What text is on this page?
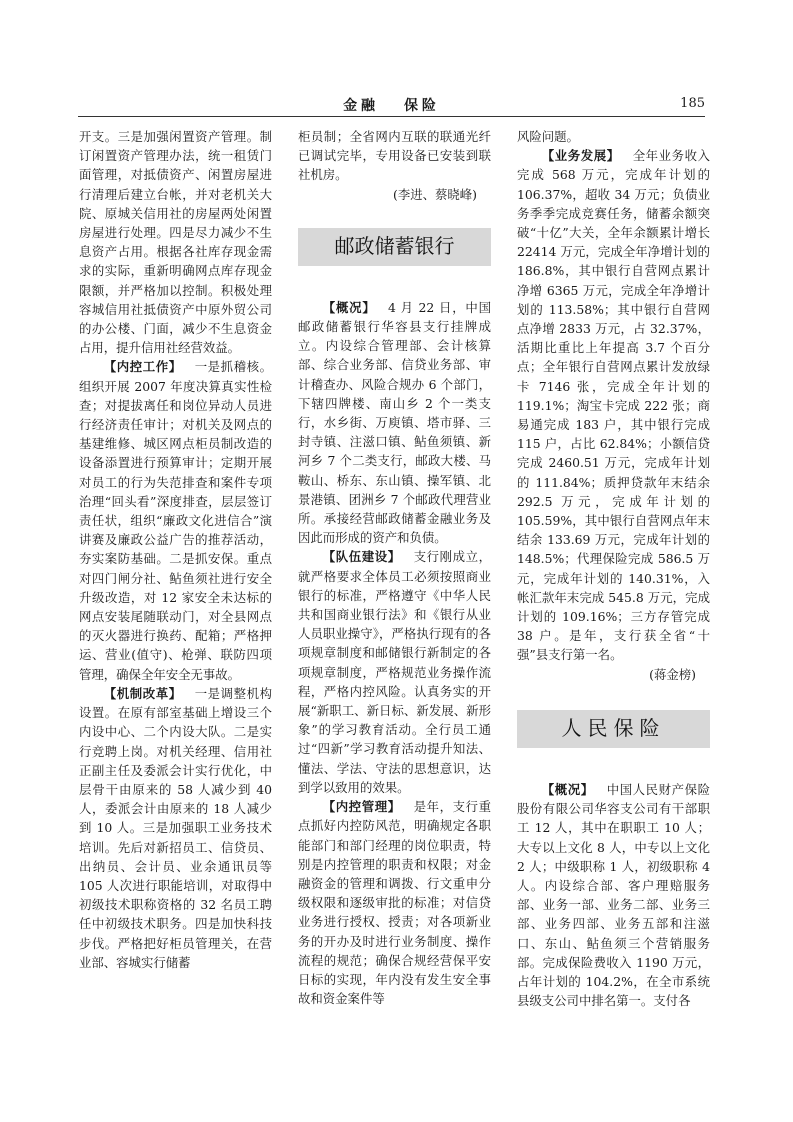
金融 保险	185

开支。三是加强闲置资产管理。制订闲置资产管理办法，统一租赁门面管理，对抵债资产、闲置房屋进行清理后建立台帐，并对老机关大院、原城关信用社的房屋两处闲置房屋进行处理。四是尽力减少不生息资产占用。根据各社库存现金需求的实际，重新明确网点库存现金限额，并严格加以控制。积极处理容城信用社抵债资产中原外贸公司的办公楼、门面，减少不生息资金占用，提升信用社经营效益。

【内控工作】  一是抓稽核。组织开展 2007 年度决算真实性检查；对提拔离任和岗位异动人员进行经济责任审计；对机关及网点的基建维修、城区网点柜员制改造的设备添置进行预算审计；定期开展对员工的行为失范排查和案件专项治理“回头看”深度排查，层层签订责任状，组织“廉政文化进信合”演讲赛及廉政公益广告的推荐活动，夯实案防基础。二是抓安保。重点对四门闸分社、鲇鱼须社进行安全升级改造，对 12 家安全未达标的网点安装尾随联动门，对全县网点的灭火器进行换药、配箱；严格押运、营业(值守)、枪弹、联防四项管理，确保全年安全无事故。

【机制改革】  一是调整机构设置。在原有部室基础上增设三个内设中心、二个内设大队。二是实行竞聘上岗。对机关经理、信用社正副主任及委派会计实行优化，中层骨干由原来的 58 人减少到 40 人，委派会计由原来的 18 人减少到 10 人。三是加强职工业务技术培训。先后对新招员工、信贷员、出纳员、会计员、业余通讯员等 105 人次进行职能培训，对取得中初级技术职称资格的 32 名员工聘任中初级技术职务。四是加快科技步伐。严格把好柜员管理关，在营业部、容城实行储蓄

柜员制；全省网内互联的联通光纤已调试完毕，专用设备已安装到联社机房。

(李进、蔡晓峰)

邮政储蓄银行

【概况】  4 月 22 日，中国邮政储蓄银行华容县支行挂牌成立。内设综合管理部、会计核算部、综合业务部、信贷业务部、审计稽查办、风险合规办 6 个部门，下辖四牌楼、南山乡 2 个一类支行，水乡街、万庾镇、塔市驿、三封寺镇、注滋口镇、鲇鱼须镇、新河乡 7 个二类支行，邮政大楼、马鞍山、桥东、东山镇、操军镇、北景港镇、团洲乡 7 个邮政代理营业所。承接经营邮政储蓄金融业务及因此而形成的资产和负债。

【队伍建设】  支行刚成立，就严格要求全体员工必须按照商业银行的标准，严格遵守《中华人民共和国商业银行法》和《银行从业人员职业操守》，严格执行现有的各项规章制度和邮储银行新制定的各项规章制度，严格规范业务操作流程，严格内控风险。认真务实的开展“新职工、新日标、新发展、新形象”的学习教育活动。全行员工通过“四新”学习教育活动提升知法、懂法、学法、守法的思想意识，达到学以致用的效果。

【内控管理】  是年，支行重点抓好内控防风范，明确规定各职能部门和部门经理的岗位职责，特别是内控管理的职责和权限；对金融资金的管理和调拨、行文重申分级权限和逐级审批的标准；对信贷业务进行授权、授责；对各项新业务的开办及时进行业务制度、操作流程的规范；确保合规经营保平安日标的实现，年内没有发生安全事故和资金案件等

风险问题。

【业务发展】  全年业务收入完成 568 万元，完成年计划的 106.37%，超收 34 万元；负债业务季季完成竞赛任务，储蓄余额突破“十亿”大关，全年余额累计增长 22414 万元，完成全年净增计划的 186.8%，其中银行自营网点累计净增 6365 万元，完成全年净增计划的 113.58%；其中银行自营网点净增 2833 万元，占 32.37%，活期比重比上年提高 3.7 个百分点；全年银行自营网点累计发放绿卡 7146 张，完成全年计划的 119.1%；淘宝卡完成 222 张；商易通完成 183 户，其中银行完成 115 户，占比 62.84%；小额信贷完成 2460.51 万元，完成年计划的 111.84%；质押贷款年末结余 292.5 万元，完成年计划的 105.59%，其中银行自营网点年末结余 133.69 万元，完成年计划的 148.5%；代理保险完成 586.5 万元，完成年计划的 140.31%，入帐汇款年末完成 545.8 万元，完成计划的 109.16%；三方存管完成 38 户。是年，支行获全省“十强”县支行第一名。

(蒋金榜)

人民保险

【概况】  中国人民财产保险股份有限公司华容支公司有干部职工 12 人，其中在职职工 10 人；大专以上文化 8 人，中专以上文化 2 人；中级职称 1 人，初级职称 4 人。内设综合部、客户理赔服务部、业务一部、业务二部、业务三部、业务四部、业务五部和注滋口、东山、鲇鱼须三个营销服务部。完成保险费收入 1190 万元，占年计划的 104.2%，在全市系统县级支公司中排名第一。支付各
